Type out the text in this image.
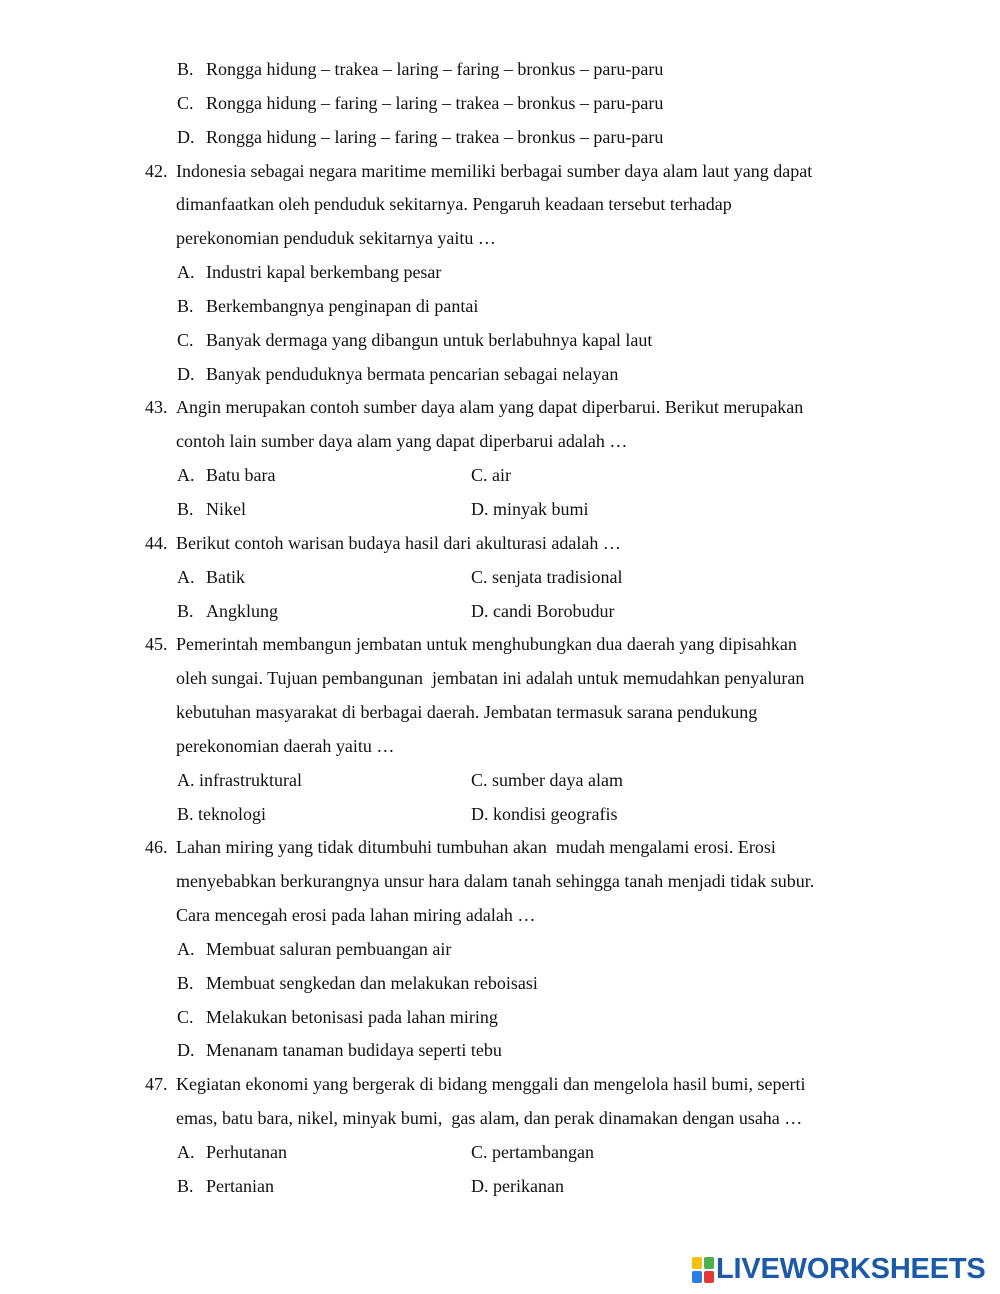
B. Rongga hidung – trakea – laring – faring – bronkus – paru-paru
C. Rongga hidung – faring – laring – trakea – bronkus – paru-paru
D. Rongga hidung – laring – faring – trakea – bronkus – paru-paru
42. Indonesia sebagai negara maritime memiliki berbagai sumber daya alam laut yang dapat
dimanfaatkan oleh penduduk sekitarnya. Pengaruh keadaan tersebut terhadap
perekonomian penduduk sekitarnya yaitu …
A. Industri kapal berkembang pesar
B. Berkembangnya penginapan di pantai
C. Banyak dermaga yang dibangun untuk berlabuhnya kapal laut
D. Banyak penduduknya bermata pencarian sebagai nelayan
43. Angin merupakan contoh sumber daya alam yang dapat diperbarui. Berikut merupakan
contoh lain sumber daya alam yang dapat diperbarui adalah …
A. Batu bara	C. air
B. Nikel	D. minyak bumi
44. Berikut contoh warisan budaya hasil dari akulturasi adalah …
A. Batik	C. senjata tradisional
B. Angklung	D. candi Borobudur
45. Pemerintah membangun jembatan untuk menghubungkan dua daerah yang dipisahkan
oleh sungai. Tujuan pembangunan  jembatan ini adalah untuk memudahkan penyaluran
kebutuhan masyarakat di berbagai daerah. Jembatan termasuk sarana pendukung
perekonomian daerah yaitu …
A. infrastruktural	C. sumber daya alam
B. teknologi	D. kondisi geografis
46. Lahan miring yang tidak ditumbuhi tumbuhan akan  mudah mengalami erosi. Erosi
menyebabkan berkurangnya unsur hara dalam tanah sehingga tanah menjadi tidak subur.
Cara mencegah erosi pada lahan miring adalah …
A. Membuat saluran pembuangan air
B. Membuat sengkedan dan melakukan reboisasi
C. Melakukan betonisasi pada lahan miring
D. Menanam tanaman budidaya seperti tebu
47. Kegiatan ekonomi yang bergerak di bidang menggali dan mengelola hasil bumi, seperti
emas, batu bara, nikel, minyak bumi,  gas alam, dan perak dinamakan dengan usaha …
A. Perhutanan	C. pertambangan
B. Pertanian	D. perikanan
LIVEWORKSHEETS
